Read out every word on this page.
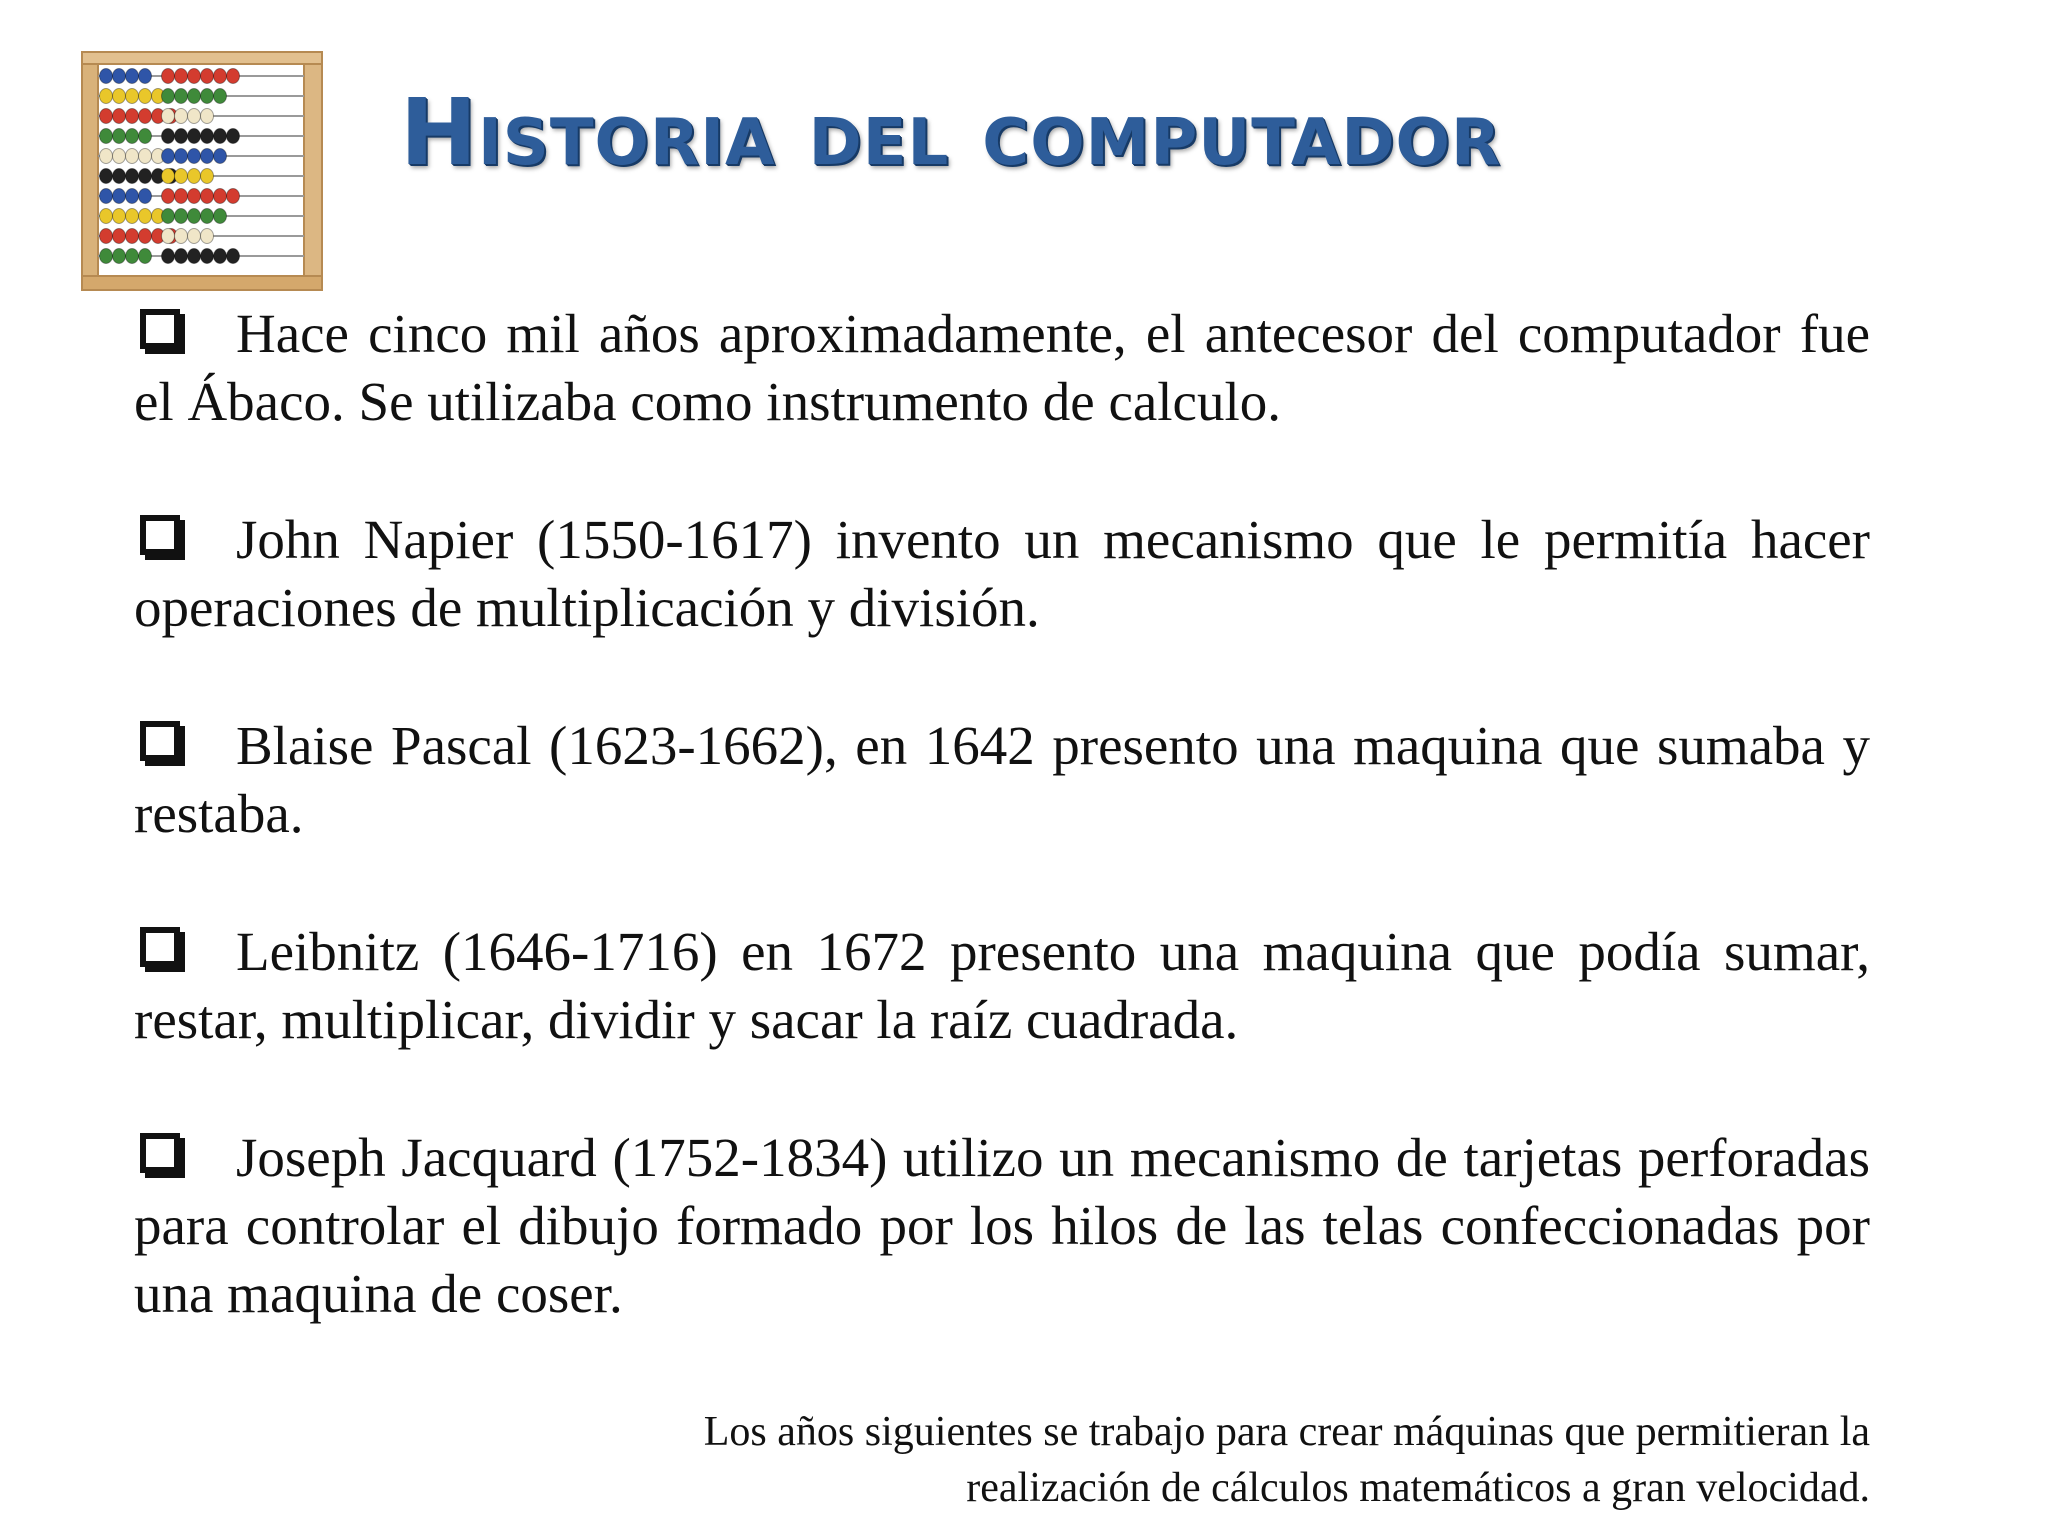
Historia del computador
Hace cinco mil años aproximadamente, el antecesor del computador fue el Ábaco. Se utilizaba como instrumento de calculo.
John Napier (1550-1617) invento un mecanismo que le permitía hacer operaciones de multiplicación y división.
Blaise Pascal (1623-1662), en 1642 presento una maquina que sumaba y restaba.
Leibnitz (1646-1716) en 1672 presento una maquina que podía sumar, restar, multiplicar, dividir y sacar la raíz cuadrada.
Joseph Jacquard (1752-1834) utilizo un mecanismo de tarjetas perforadas para controlar el dibujo formado por los hilos de las telas confeccionadas por una maquina de coser.

Los años siguientes se trabajo para crear máquinas que permitieran la
realización de cálculos matemáticos a gran velocidad.
